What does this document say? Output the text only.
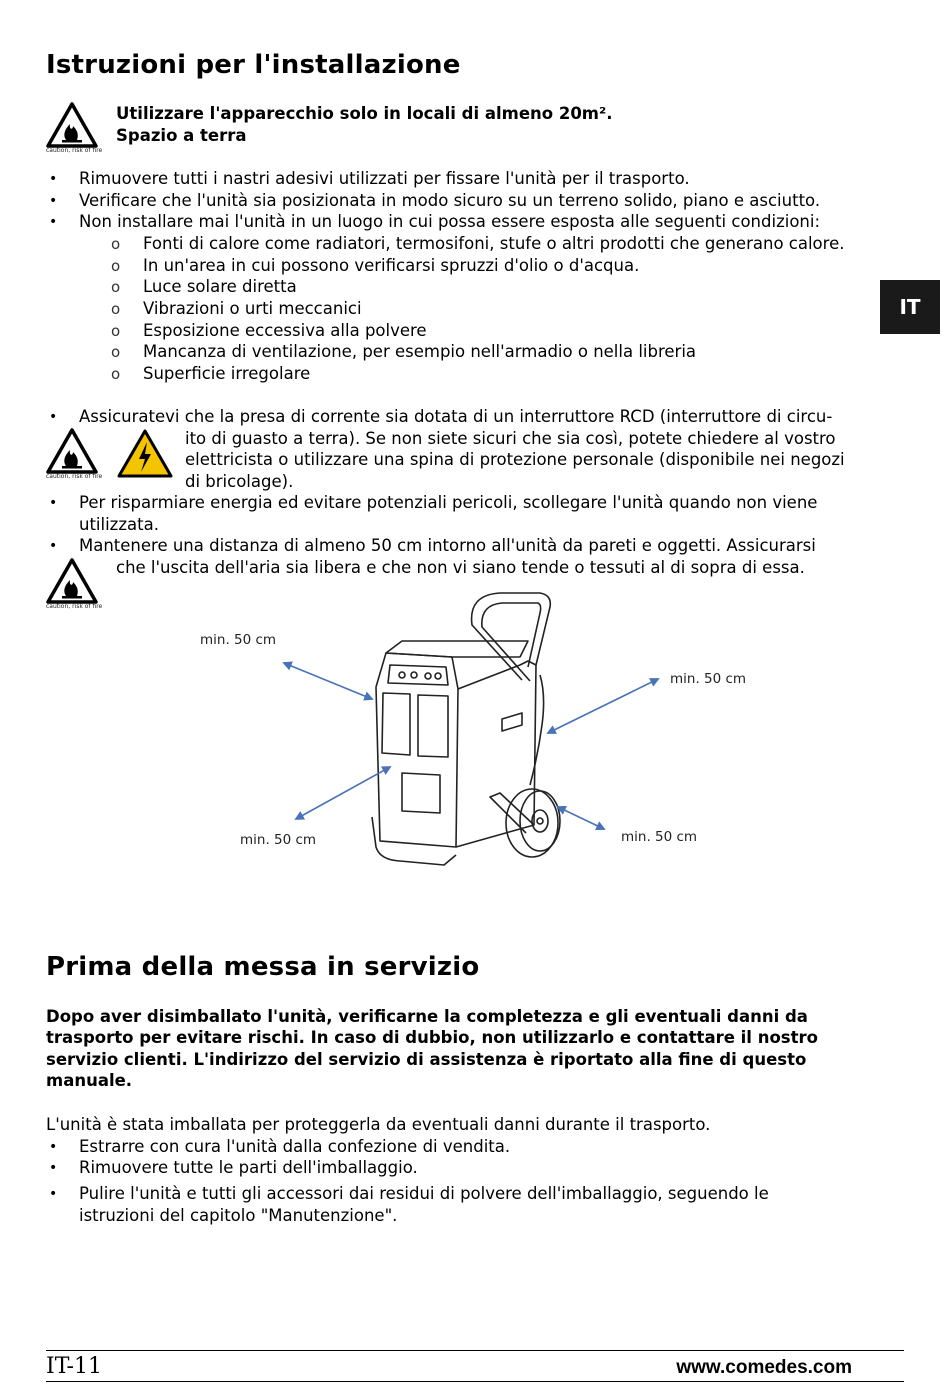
Istruzioni per l'installazione
caution, risk of fire
Utilizzare l'apparecchio solo in locali di almeno 20m².
Spazio a terra
• Rimuovere tutti i nastri adesivi utilizzati per fissare l'unità per il trasporto.
• Verificare che l'unità sia posizionata in modo sicuro su un terreno solido, piano e asciutto.
• Non installare mai l'unità in un luogo in cui possa essere esposta alle seguenti condizioni:
o Fonti di calore come radiatori, termosifoni, stufe o altri prodotti che generano calore.
o In un'area in cui possono verificarsi spruzzi d'olio o d'acqua.
o Luce solare diretta
o Vibrazioni o urti meccanici
o Esposizione eccessiva alla polvere
o Mancanza di ventilazione, per esempio nell'armadio o nella libreria
o Superficie irregolare
IT
• Assicuratevi che la presa di corrente sia dotata di un interruttore RCD (interruttore di circu-
ito di guasto a terra). Se non siete sicuri che sia così, potete chiedere al vostro
elettricista o utilizzare una spina di protezione personale (disponibile nei negozi
di bricolage).
caution, risk of fire
• Per risparmiare energia ed evitare potenziali pericoli, scollegare l'unità quando non viene
utilizzata.
• Mantenere una distanza di almeno 50 cm intorno all'unità da pareti e oggetti. Assicurarsi
che l'uscita dell'aria sia libera e che non vi siano tende o tessuti al di sopra di essa.
caution, risk of fire
min. 50 cm
min. 50 cm
min. 50 cm	min. 50 cm
Prima della messa in servizio
Dopo aver disimballato l'unità, verificarne la completezza e gli eventuali danni da
trasporto per evitare rischi. In caso di dubbio, non utilizzarlo e contattare il nostro
servizio clienti. L'indirizzo del servizio di assistenza è riportato alla fine di questo
manuale.
L'unità è stata imballata per proteggerla da eventuali danni durante il trasporto.
• Estrarre con cura l'unità dalla confezione di vendita.
• Rimuovere tutte le parti dell'imballaggio.
• Pulire l'unità e tutti gli accessori dai residui di polvere dell'imballaggio, seguendo le
istruzioni del capitolo "Manutenzione".
IT-11	www.comedes.com
